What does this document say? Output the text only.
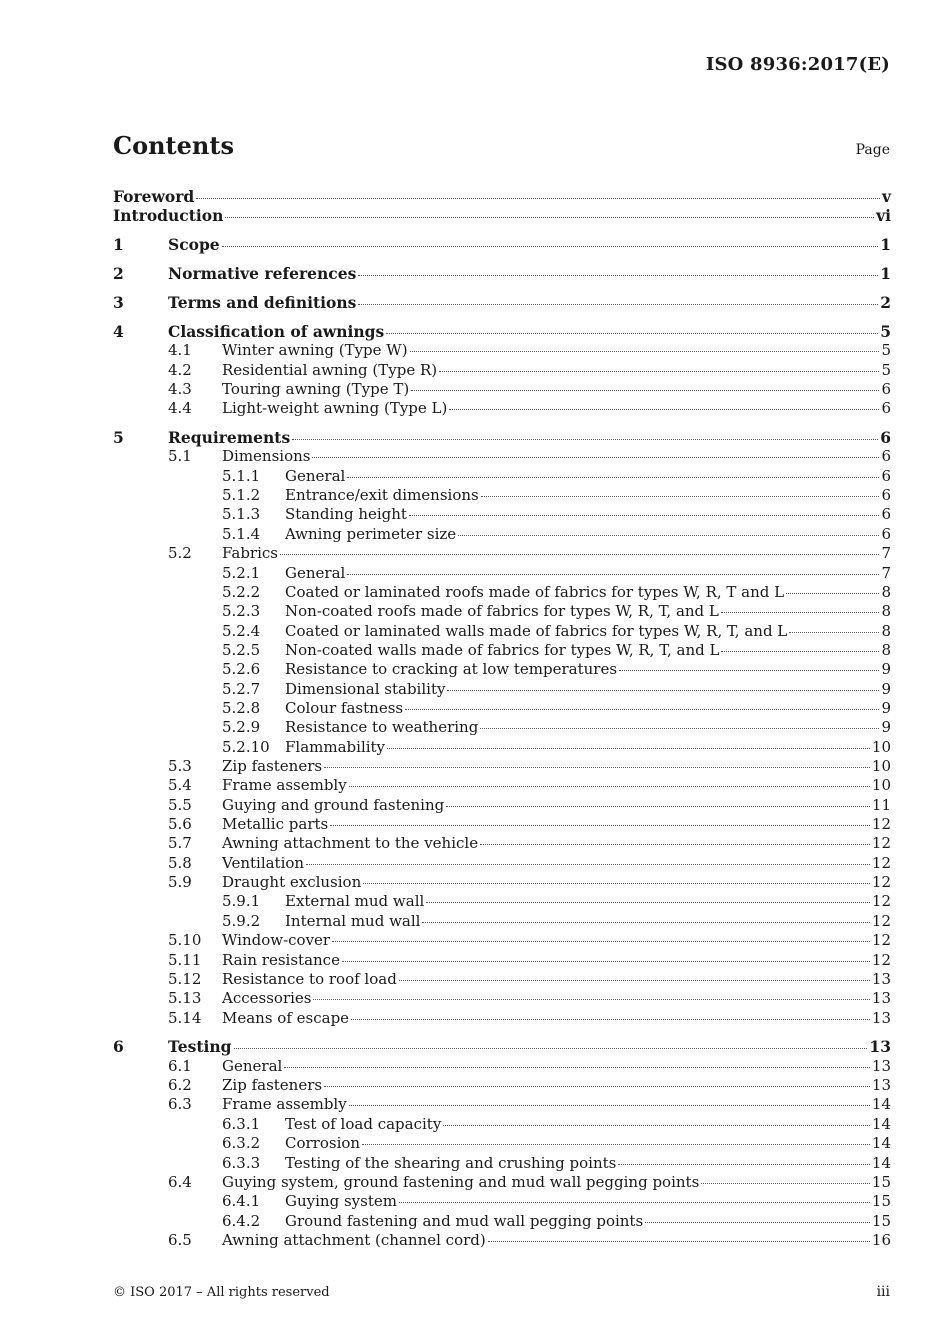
ISO 8936:2017(E)
Contents	Page
Foreword	v
Introduction	vi
1	Scope	1
2	Normative references	1
3	Terms and definitions	2
4	Classification of awnings	5
4.1	Winter awning (Type W)	5
4.2	Residential awning (Type R)	5
4.3	Touring awning (Type T)	6
4.4	Light-weight awning (Type L)	6
5	Requirements	6
5.1	Dimensions	6
5.1.1	General	6
5.1.2	Entrance/exit dimensions	6
5.1.3	Standing height	6
5.1.4	Awning perimeter size	6
5.2	Fabrics	7
5.2.1	General	7
5.2.2	Coated or laminated roofs made of fabrics for types W, R, T and L	8
5.2.3	Non-coated roofs made of fabrics for types W, R, T, and L	8
5.2.4	Coated or laminated walls made of fabrics for types W, R, T, and L	8
5.2.5	Non-coated walls made of fabrics for types W, R, T, and L	8
5.2.6	Resistance to cracking at low temperatures	9
5.2.7	Dimensional stability	9
5.2.8	Colour fastness	9
5.2.9	Resistance to weathering	9
5.2.10	Flammability	10
5.3	Zip fasteners	10
5.4	Frame assembly	10
5.5	Guying and ground fastening	11
5.6	Metallic parts	12
5.7	Awning attachment to the vehicle	12
5.8	Ventilation	12
5.9	Draught exclusion	12
5.9.1	External mud wall	12
5.9.2	Internal mud wall	12
5.10	Window-cover	12
5.11	Rain resistance	12
5.12	Resistance to roof load	13
5.13	Accessories	13
5.14	Means of escape	13
6	Testing	13
6.1	General	13
6.2	Zip fasteners	13
6.3	Frame assembly	14
6.3.1	Test of load capacity	14
6.3.2	Corrosion	14
6.3.3	Testing of the shearing and crushing points	14
6.4	Guying system, ground fastening and mud wall pegging points	15
6.4.1	Guying system	15
6.4.2	Ground fastening and mud wall pegging points	15
6.5	Awning attachment (channel cord)	16
© ISO 2017 – All rights reserved	iii
